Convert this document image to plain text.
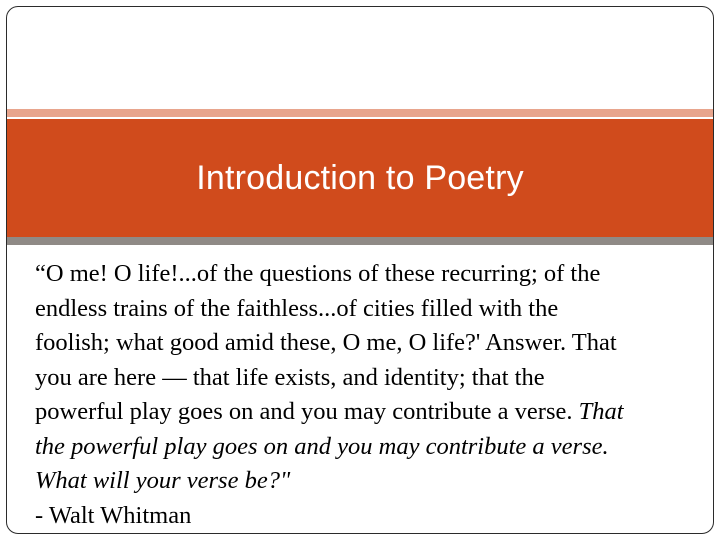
Introduction to Poetry
“O me! O life!...of the questions of these recurring; of the
endless trains of the faithless...of cities filled with the
foolish; what good amid these, O me, O life?' Answer. That
you are here — that life exists, and identity; that the
powerful play goes on and you may contribute a verse. That
the powerful play goes on and you may contribute a verse.
What will your verse be?"
- Walt Whitman
